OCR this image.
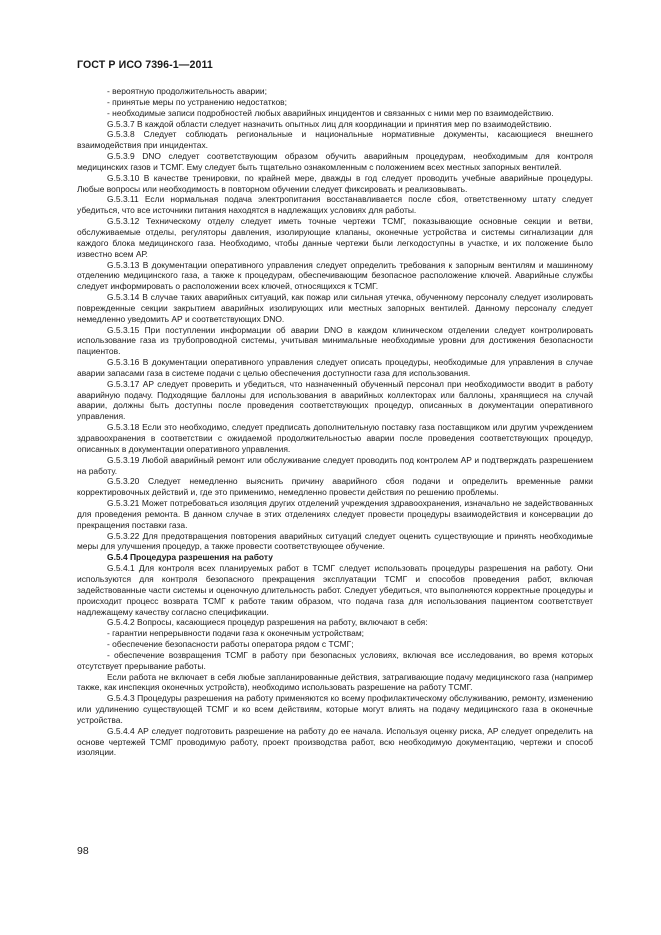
ГОСТ Р ИСО 7396-1—2011

- вероятную продолжительность аварии;

- принятые меры по устранению недостатков;

- необходимые записи подробностей любых аварийных инцидентов и связанных с ними мер по взаимодействию.

G.5.3.7 В каждой области следует назначить опытных лиц для координации и принятия мер по взаимодействию.

G.5.3.8 Следует соблюдать региональные и национальные нормативные документы, касающиеся внешнего взаимодействия при инцидентах.

G.5.3.9 DNO следует соответствующим образом обучить аварийным процедурам, необходимым для контроля медицинских газов и ТСМГ. Ему следует быть тщательно ознакомленным с положением всех местных запорных вентилей.

G.5.3.10 В качестве тренировки, по крайней мере, дважды в год следует проводить учебные аварийные процедуры. Любые вопросы или необходимость в повторном обучении следует фиксировать и реализовывать.

G.5.3.11 Если нормальная подача электропитания восстанавливается после сбоя, ответственному штату следует убедиться, что все источники питания находятся в надлежащих условиях для работы.

G.5.3.12 Техническому отделу следует иметь точные чертежи ТСМГ, показывающие основные секции и ветви, обслуживаемые отделы, регуляторы давления, изолирующие клапаны, оконечные устройства и системы сигнализации для каждого блока медицинского газа. Необходимо, чтобы данные чертежи были легкодоступны в участке, и их положение было известно всем АР.

G.5.3.13 В документации оперативного управления следует определить требования к запорным вентилям и машинному отделению медицинского газа, а также к процедурам, обеспечивающим безопасное расположение ключей. Аварийные службы следует информировать о расположении всех ключей, относящихся к ТСМГ.

G.5.3.14 В случае таких аварийных ситуаций, как пожар или сильная утечка, обученному персоналу следует изолировать поврежденные секции закрытием аварийных изолирующих или местных запорных вентилей. Данному персоналу следует немедленно уведомить АР и соответствующих DNO.

G.5.3.15 При поступлении информации об аварии DNO в каждом клиническом отделении следует контролировать использование газа из трубопроводной системы, учитывая минимальные необходимые уровни для достижения безопасности пациентов.

G.5.3.16 В документации оперативного управления следует описать процедуры, необходимые для управления в случае аварии запасами газа в системе подачи с целью обеспечения доступности газа для использования.

G.5.3.17 АР следует проверить и убедиться, что назначенный обученный персонал при необходимости вводит в работу аварийную подачу. Подходящие баллоны для использования в аварийных коллекторах или баллоны, хранящиеся на случай аварии, должны быть доступны после проведения соответствующих процедур, описанных в документации оперативного управления.

G.5.3.18 Если это необходимо, следует предписать дополнительную поставку газа поставщиком или другим учреждением здравоохранения в соответствии с ожидаемой продолжительностью аварии после проведения соответствующих процедур, описанных в документации оперативного управления.

G.5.3.19 Любой аварийный ремонт или обслуживание следует проводить под контролем АР и подтверждать разрешением на работу.

G.5.3.20 Следует немедленно выяснить причину аварийного сбоя подачи и определить временные рамки корректировочных действий и, где это применимо, немедленно провести действия по решению проблемы.

G.5.3.21 Может потребоваться изоляция других отделений учреждения здравоохранения, изначально не задействованных для проведения ремонта. В данном случае в этих отделениях следует провести процедуры взаимодействия и консервации до прекращения поставки газа.

G.5.3.22 Для предотвращения повторения аварийных ситуаций следует оценить существующие и принять необходимые меры для улучшения процедур, а также провести соответствующее обучение.

G.5.4 Процедура разрешения на работу

G.5.4.1 Для контроля всех планируемых работ в ТСМГ следует использовать процедуры разрешения на работу. Они используются для контроля безопасного прекращения эксплуатации ТСМГ и способов проведения работ, включая задействованные части системы и оценочную длительность работ. Следует убедиться, что выполняются корректные процедуры и происходит процесс возврата ТСМГ к работе таким образом, что подача газа для использования пациентом соответствует надлежащему качеству согласно спецификации.

G.5.4.2 Вопросы, касающиеся процедур разрешения на работу, включают в себя:

- гарантии непрерывности подачи газа к оконечным устройствам;

- обеспечение безопасности работы оператора рядом с ТСМГ;

- обеспечение возвращения ТСМГ в работу при безопасных условиях, включая все исследования, во время которых отсутствует прерывание работы.

Если работа не включает в себя любые запланированные действия, затрагивающие подачу медицинского газа (например также, как инспекция оконечных устройств), необходимо использовать разрешение на работу ТСМГ.

G.5.4.3 Процедуры разрешения на работу применяются ко всему профилактическому обслуживанию, ремонту, изменению или удлинению существующей ТСМГ и ко всем действиям, которые могут влиять на подачу медицинского газа в оконечные устройства.

G.5.4.4 АР следует подготовить разрешение на работу до ее начала. Используя оценку риска, АР следует определить на основе чертежей ТСМГ проводимую работу, проект производства работ, всю необходимую документацию, чертежи и способ изоляции.

98
